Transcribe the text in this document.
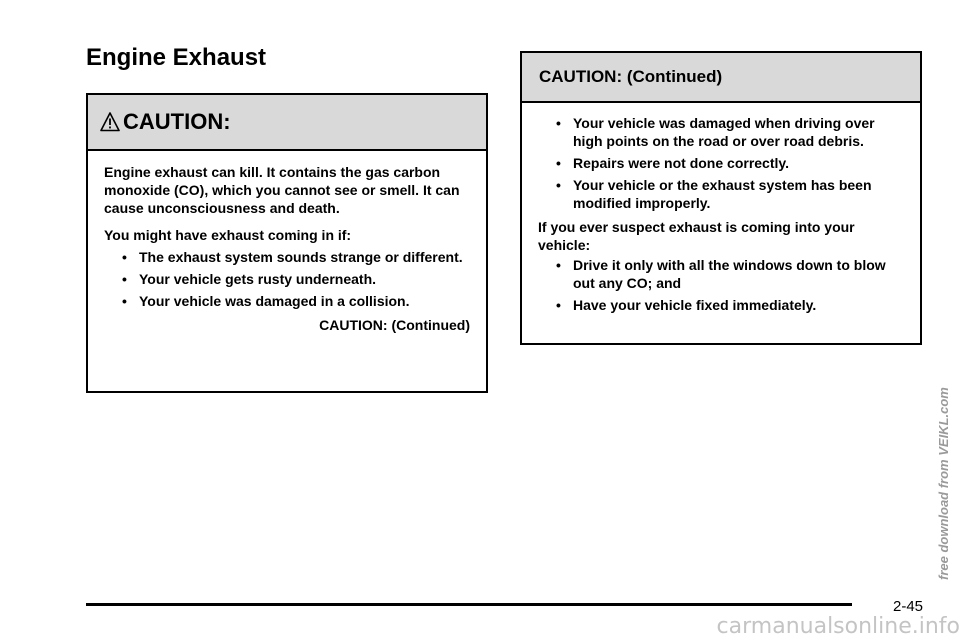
Engine Exhaust
CAUTION:

Engine exhaust can kill. It contains the gas carbon monoxide (CO), which you cannot see or smell. It can cause unconsciousness and death.

You might have exhaust coming in if:

• The exhaust system sounds strange or different.
• Your vehicle gets rusty underneath.
• Your vehicle was damaged in a collision.
CAUTION: (Continued)
CAUTION: (Continued)
• Your vehicle was damaged when driving over high points on the road or over road debris.
• Repairs were not done correctly.
• Your vehicle or the exhaust system has been modified improperly.

If you ever suspect exhaust is coming into your vehicle:

• Drive it only with all the windows down to blow out any CO; and
• Have your vehicle fixed immediately.
2-45
free download from VEIKL.com
carmanualsonline.info
